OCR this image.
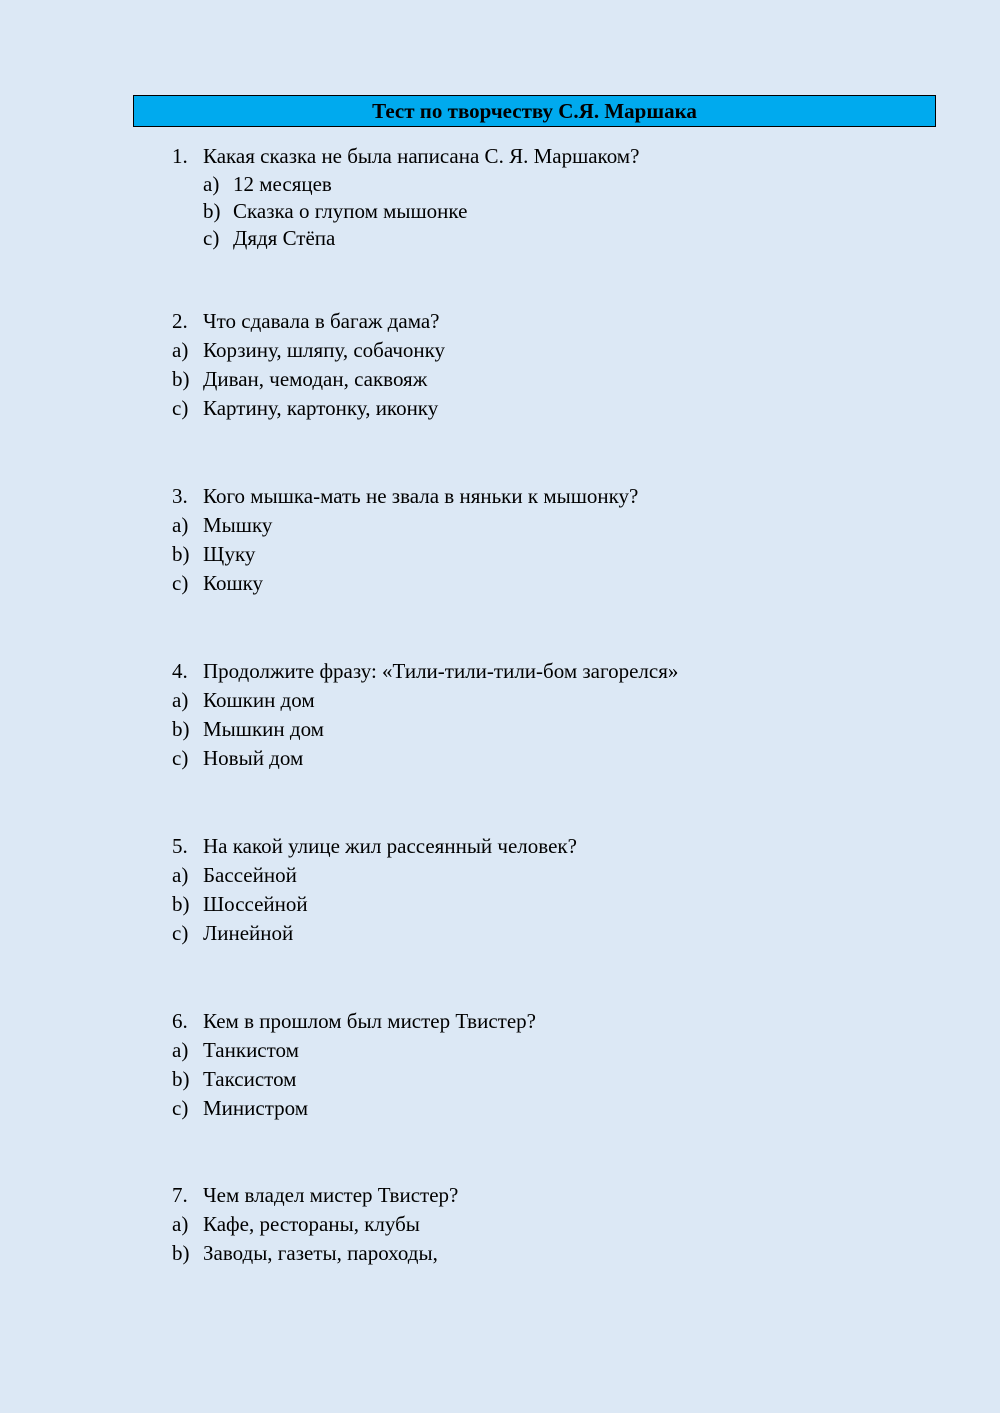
Тест по творчеству С.Я. Маршака
1. Какая сказка не была написана С. Я. Маршаком?
a) 12 месяцев
b) Сказка о глупом мышонке
c) Дядя Стёпа
2. Что сдавала в багаж дама?
a) Корзину, шляпу, собачонку
b) Диван, чемодан, саквояж
c) Картину, картонку, иконку
3. Кого мышка-мать не звала в няньки к мышонку?
a) Мышку
b) Щуку
c) Кошку
4. Продолжите фразу: «Тили-тили-тили-бом загорелся»
a) Кошкин дом
b) Мышкин дом
c) Новый дом
5. На какой улице жил рассеянный человек?
a) Бассейной
b) Шоссейной
c) Линейной
6. Кем в прошлом был мистер Твистер?
a) Танкистом
b) Таксистом
c) Министром
7. Чем владел мистер Твистер?
a) Кафе, рестораны, клубы
b) Заводы, газеты, пароходы,
